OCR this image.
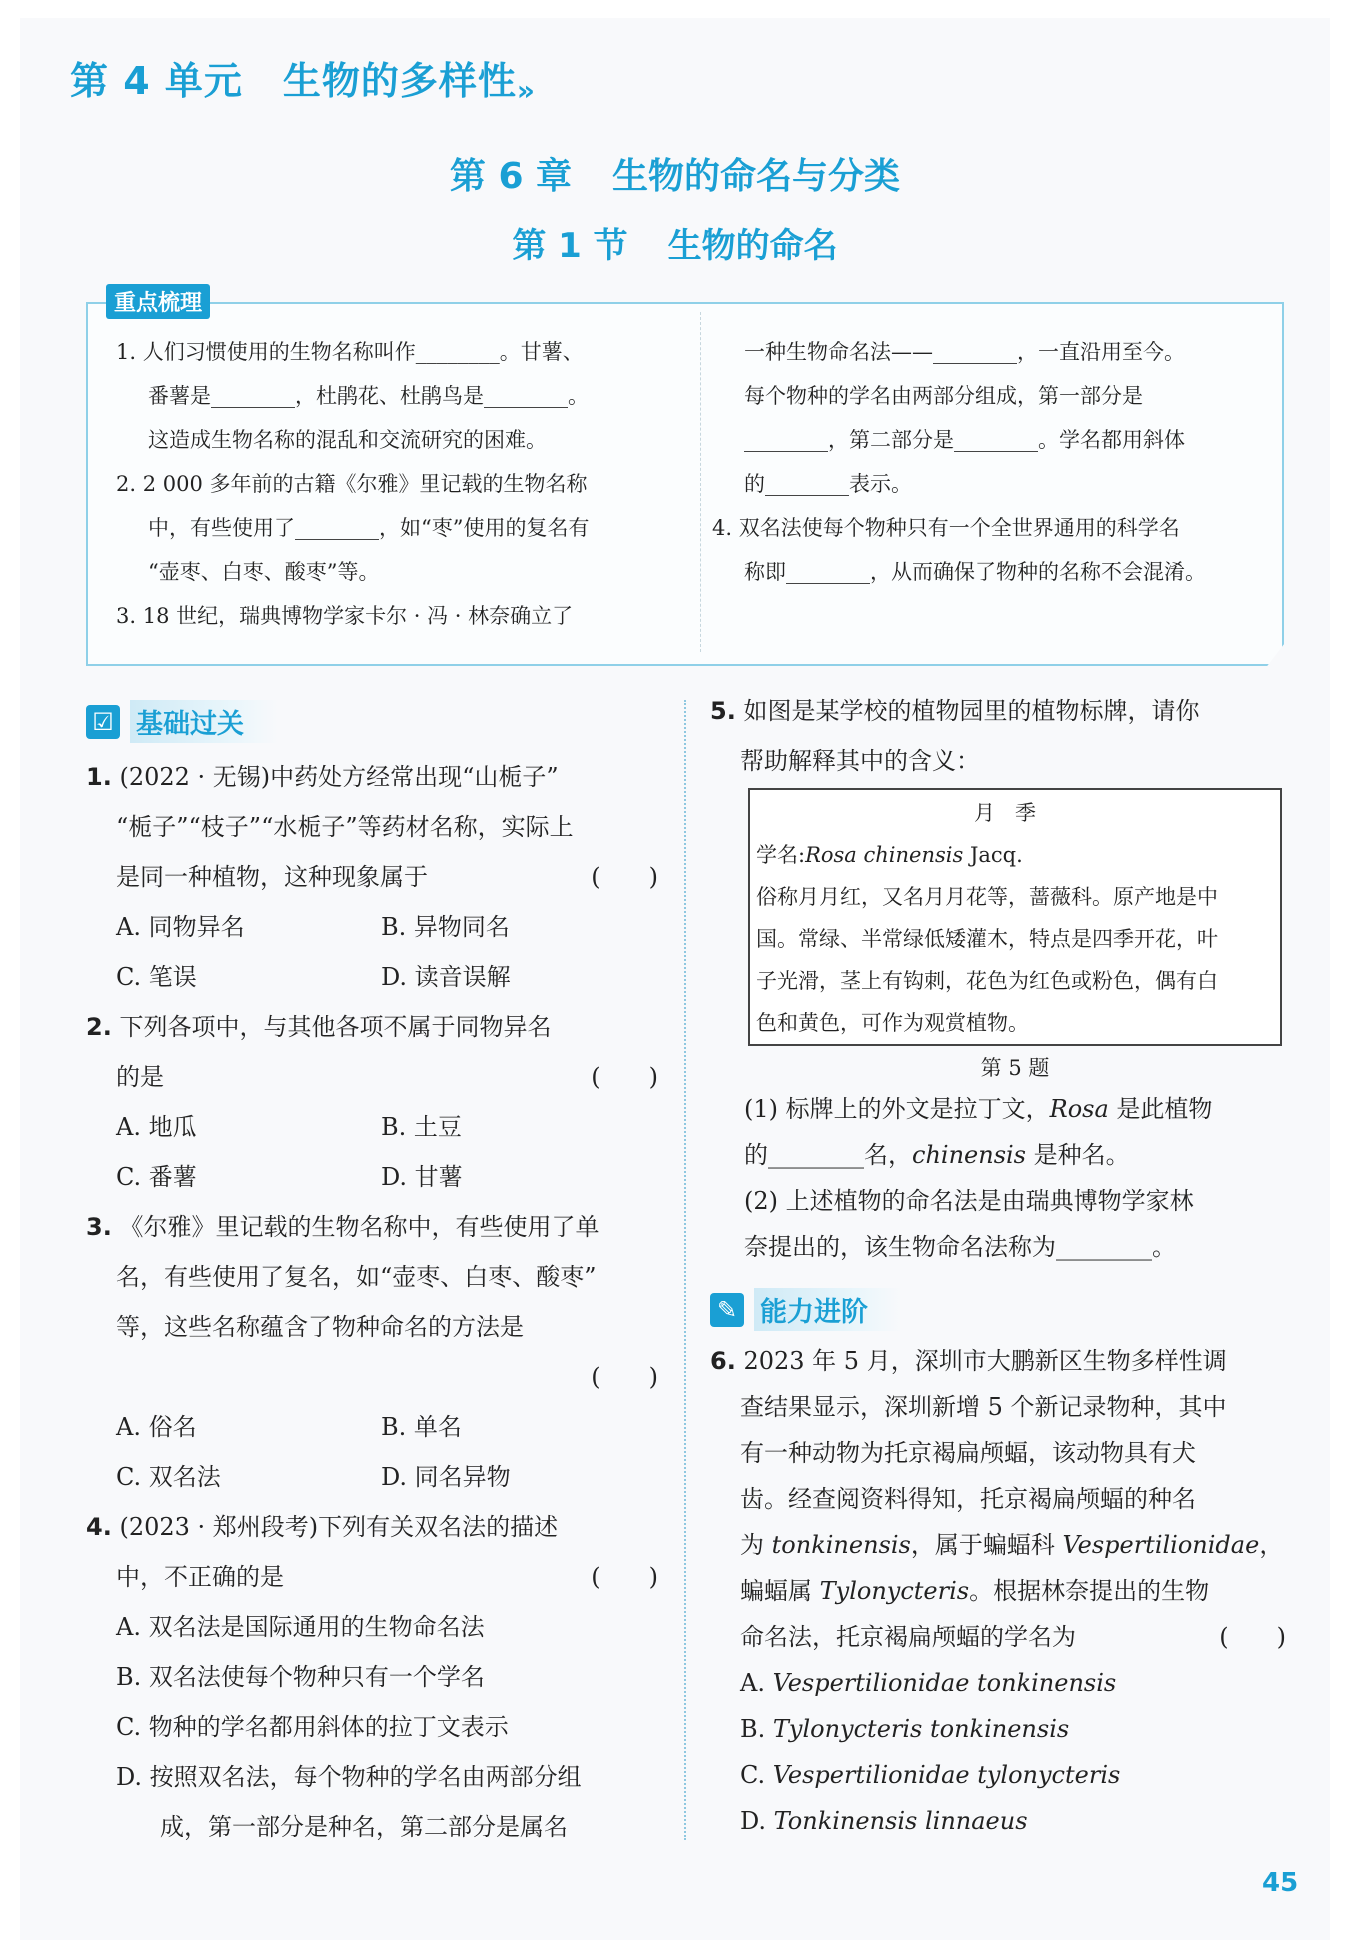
第 4 单元 生物的多样性»
第 6 章 生物的命名与分类
第 1 节 生物的命名
重点梳理

1. 人们习惯使用的生物名称叫作________。甘薯、

番薯是________，杜鹃花、杜鹃鸟是________。

这造成生物名称的混乱和交流研究的困难。

2. 2 000 多年前的古籍《尔雅》里记载的生物名称

中，有些使用了________，如“枣”使用的复名有

“壶枣、白枣、酸枣”等。

3. 18 世纪，瑞典博物学家卡尔 · 冯 · 林奈确立了

一种生物命名法——________，一直沿用至今。

每个物种的学名由两部分组成，第一部分是

________，第二部分是________。学名都用斜体

的________表示。

4. 双名法使每个物种只有一个全世界通用的科学名

称即________，从而确保了物种的名称不会混淆。

☑ 基础过关

1. (2022 · 无锡)中药处方经常出现“山栀子”

“栀子”“枝子”“水栀子”等药材名称，实际上

是同一种植物，这种现象属于	(　　)

A. 同物异名	B. 异物同名
C. 笔误	D. 读音误解

2. 下列各项中，与其他各项不属于同物异名

的是	(　　)

A. 地瓜	B. 土豆
C. 番薯	D. 甘薯

3. 《尔雅》里记载的生物名称中，有些使用了单

名，有些使用了复名，如“壶枣、白枣、酸枣”

等，这些名称蕴含了物种命名的方法是

(　　)

A. 俗名	B. 单名
C. 双名法	D. 同名异物

4. (2023 · 郑州段考)下列有关双名法的描述

中，不正确的是	(　　)

A. 双名法是国际通用的生物命名法

B. 双名法使每个物种只有一个学名

C. 物种的学名都用斜体的拉丁文表示

D. 按照双名法，每个物种的学名由两部分组

成，第一部分是种名，第二部分是属名

5. 如图是某学校的植物园里的植物标牌，请你

帮助解释其中的含义：

月季
学名:Rosa chinensis Jacq.
俗称月月红，又名月月花等，蔷薇科。原产地是中
国。常绿、半常绿低矮灌木，特点是四季开花，叶
子光滑，茎上有钩刺，花色为红色或粉色，偶有白
色和黄色，可作为观赏植物。
第 5 题

(1) 标牌上的外文是拉丁文，Rosa 是此植物

的________名，chinensis 是种名。

(2) 上述植物的命名法是由瑞典博物学家林

奈提出的，该生物命名法称为________。

✎ 能力进阶

6. 2023 年 5 月，深圳市大鹏新区生物多样性调

查结果显示，深圳新增 5 个新记录物种，其中

有一种动物为托京褐扁颅蝠，该动物具有犬

齿。经查阅资料得知，托京褐扁颅蝠的种名

为 tonkinensis，属于蝙蝠科 Vespertilionidae，

蝙蝠属 Tylonycteris。根据林奈提出的生物

命名法，托京褐扁颅蝠的学名为	(　　)

A. Vespertilionidae tonkinensis

B. Tylonycteris tonkinensis

C. Vespertilionidae tylonycteris

D. Tonkinensis linnaeus

45
